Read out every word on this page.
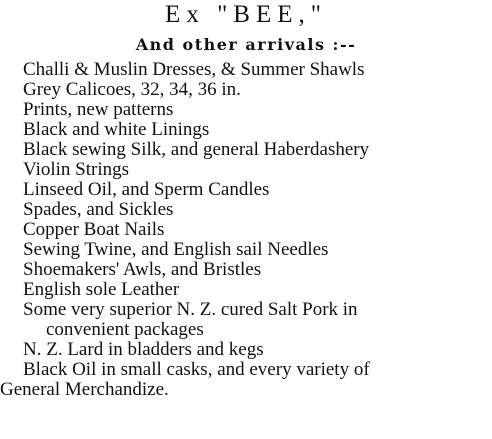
Ex "BEE,"
And other arrivals :--
Challi & Muslin Dresses, & Summer Shawls
Grey Calicoes, 32, 34, 36 in.
Prints, new patterns
Black and white Linings
Black sewing Silk, and general Haberdashery
Violin Strings
Linseed Oil, and Sperm Candles
Spades, and Sickles
Copper Boat Nails
Sewing Twine, and English sail Needles
Shoemakers' Awls, and Bristles
English sole Leather
Some very superior N. Z. cured Salt Pork in
convenient packages
N. Z. Lard in bladders and kegs
Black Oil in small casks, and every variety of
General Merchandize.
